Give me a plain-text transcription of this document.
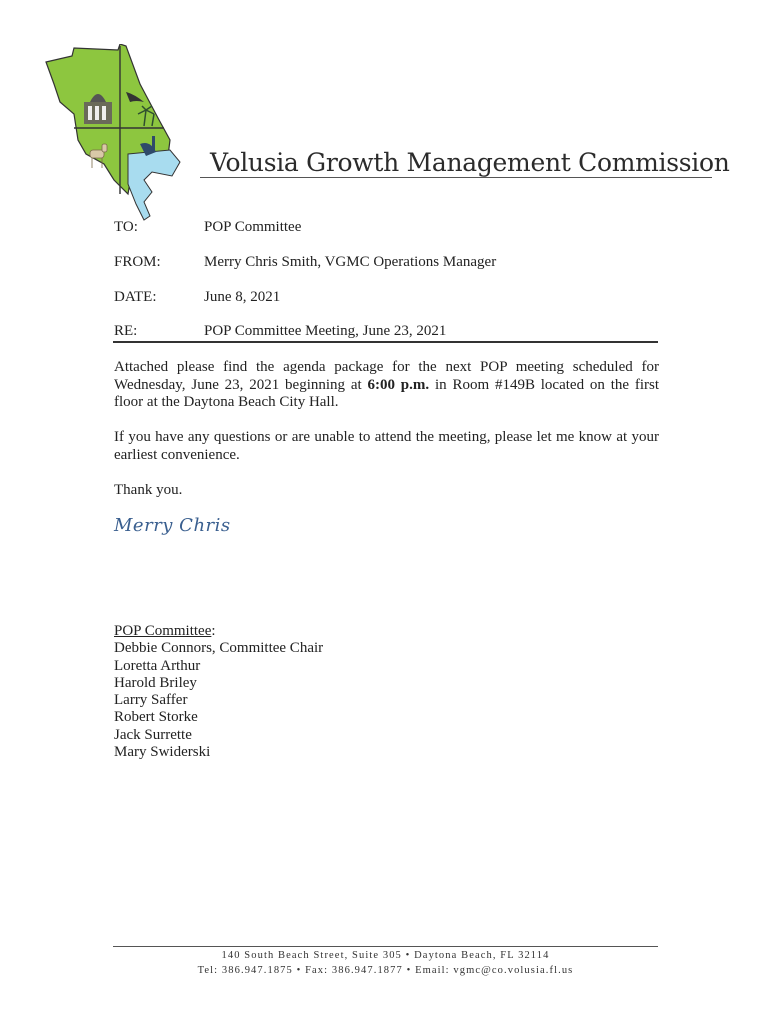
Volusia Growth Management Commission
TO:	POP Committee
FROM:	Merry Chris Smith, VGMC Operations Manager
DATE:	June 8, 2021
RE:	POP Committee Meeting, June 23, 2021
Attached please find the agenda package for the next POP meeting scheduled for Wednesday, June 23, 2021 beginning at 6:00 p.m. in Room #149B located on the first floor at the Daytona Beach City Hall.
If you have any questions or are unable to attend the meeting, please let me know at your earliest convenience.
Thank you.
Merry Chris
POP Committee:
Debbie Connors, Committee Chair
Loretta Arthur
Harold Briley
Larry Saffer
Robert Storke
Jack Surrette
Mary Swiderski
140 South Beach Street, Suite 305 • Daytona Beach, FL 32114
Tel: 386.947.1875 • Fax: 386.947.1877 • Email: vgmc@co.volusia.fl.us
